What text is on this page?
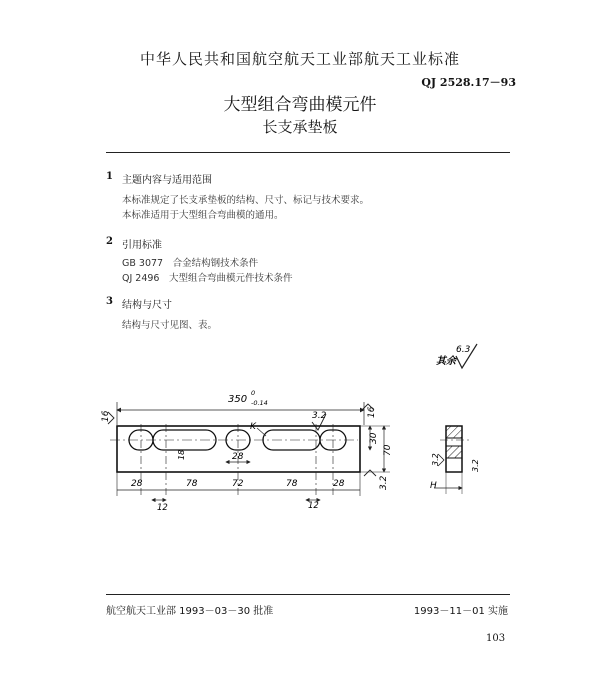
中华人民共和国航空航天工业部航天工业标准
QJ 2528.17－93
大型组合弯曲模元件
长支承垫板
1 主题内容与适用范围
本标准规定了长支承垫板的结构、尺寸、标记与技术要求。
本标准适用于大型组合弯曲模的通用。
2 引用标准
GB 3077　合金结构钢技术条件
QJ 2496　大型组合弯曲模元件技术条件
3 结构与尺寸
结构与尺寸见图、表。
其余
6.3
350
0
-0.14
16	3.2	16
K
18	28
30
70
28	78	72	78	28
12	12
3.2
3.2	3.2
H
航空航天工业部 1993－03－30 批准	1993－11－01 实施
103
